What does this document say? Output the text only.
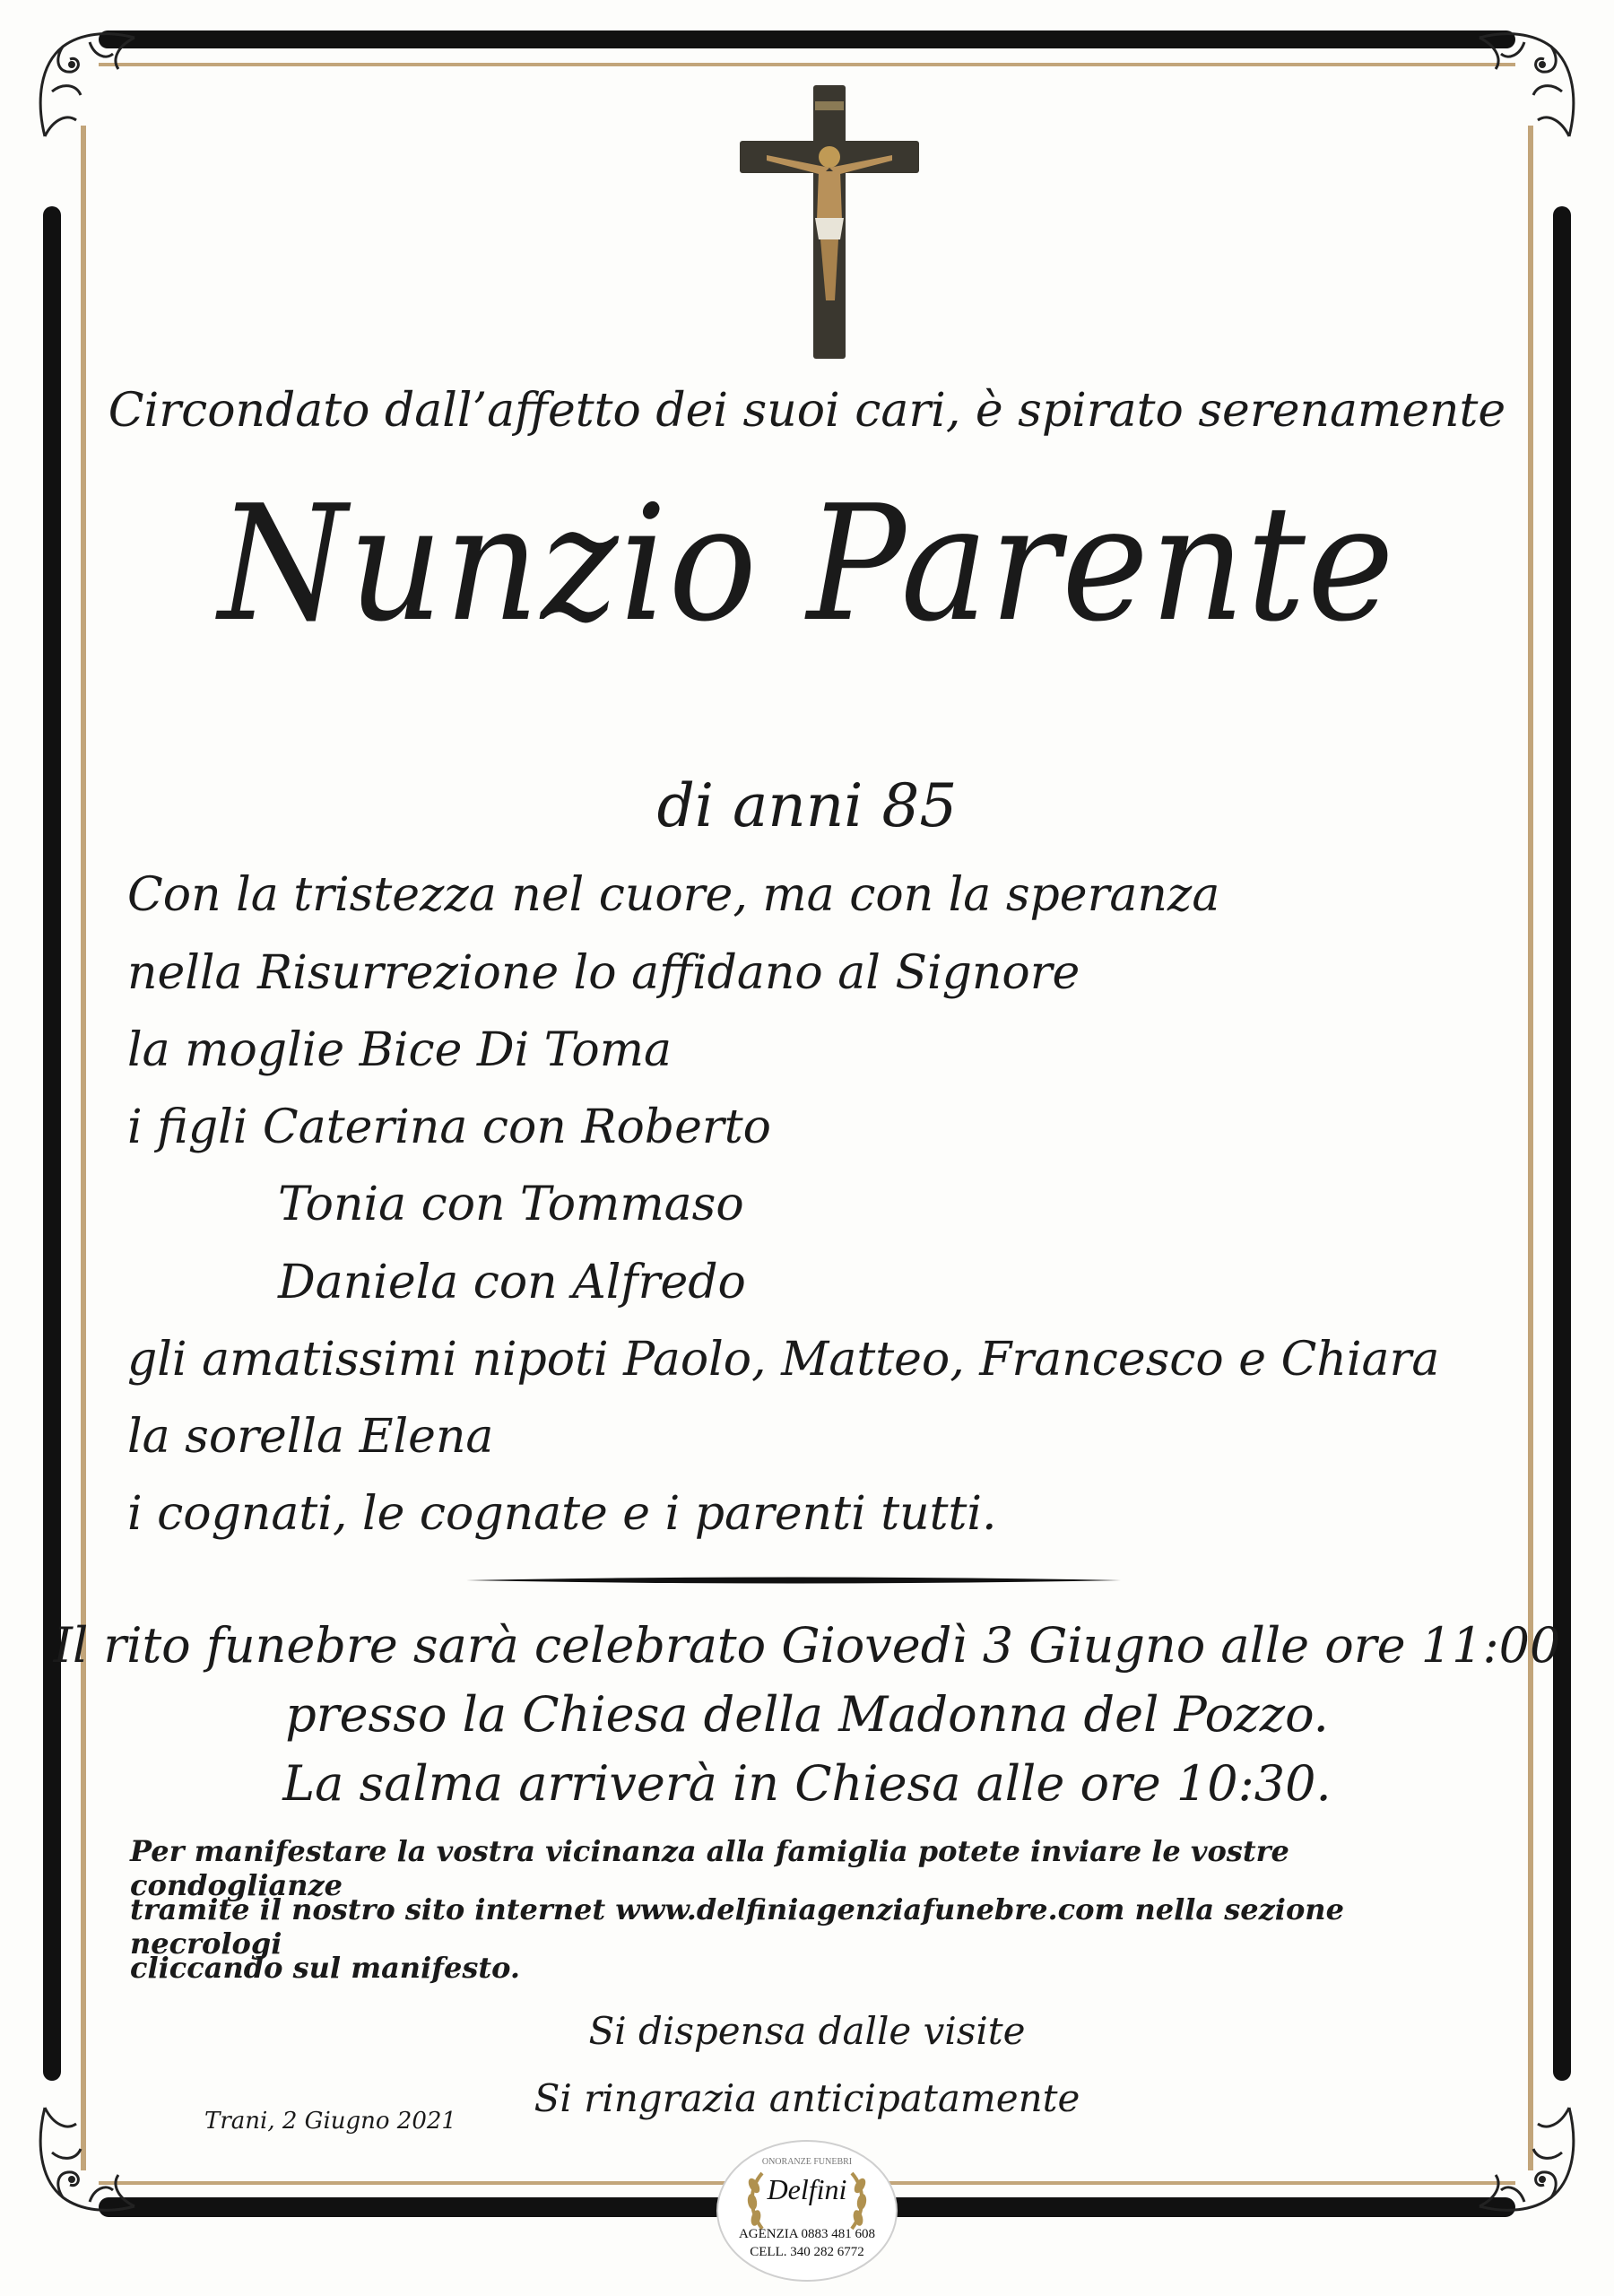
Circondato dall’affetto dei suoi cari, è spirato serenamente
Nunzio Parente
di anni 85
Con la tristezza nel cuore, ma con la speranza
nella Risurrezione lo affidano al Signore
la moglie Bice Di Toma
i figli Caterina con Roberto
Tonia con Tommaso
Daniela con Alfredo
gli amatissimi nipoti Paolo, Matteo, Francesco e Chiara
la sorella Elena
i cognati, le cognate e i parenti tutti.
Il rito funebre sarà celebrato Giovedì 3 Giugno alle ore 11:00
presso la Chiesa della Madonna del Pozzo.
La salma arriverà in Chiesa alle ore 10:30.
Per manifestare la vostra vicinanza alla famiglia potete inviare le vostre condoglianze
tramite il nostro sito internet www.delfiniagenziafunebre.com nella sezione necrologi
cliccando sul manifesto.
Si dispensa dalle visite
Si ringrazia anticipatamente
Trani, 2 Giugno 2021
ONORANZE FUNEBRI
Delfini
AGENZIA 0883 481 608
CELL. 340 282 6772
